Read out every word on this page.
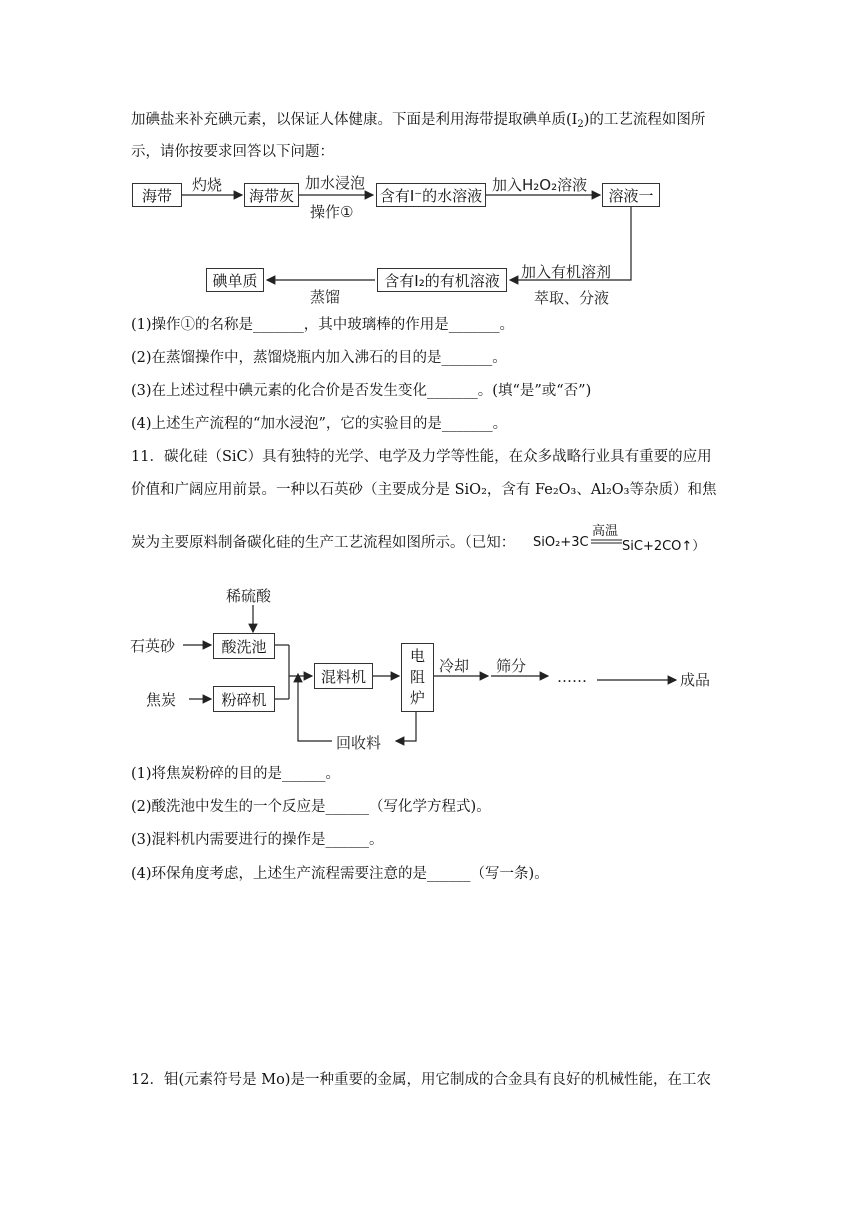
加碘盐来补充碘元素，以保证人体健康。下面是利用海带提取碘单质$(I_2)$的工艺流程如图所
示，请你按要求回答以下问题：
海带
灼烧
海带灰
加水浸泡
操作①
含有I⁻的水溶液
加入H₂O₂溶液
溶液一
加入有机溶剂
萃取、分液
含有I₂的有机溶液
蒸馏
碘单质
(1)操作①的名称是_______，其中玻璃棒的作用是_______。
(2)在蒸馏操作中，蒸馏烧瓶内加入沸石的目的是_______。
(3)在上述过程中碘元素的化合价是否发生变化_______。(填“是”或“否”)
(4)上述生产流程的“加水浸泡”，它的实验目的是_______。
11．碳化硅（SiC）具有独特的光学、电学及力学等性能，在众多战略行业具有重要的应用
价值和广阔应用前景。一种以石英砂（主要成分是 SiO₂，含有 Fe₂O₃、Al₂O₃等杂质）和焦
炭为主要原料制备碳化硅的生产工艺流程如图所示。（已知： SiO₂+3C
高温
SiC+2CO↑）
稀硫酸
石英砂
焦炭
酸洗池
粉碎机
混料机
电
阻
炉
冷却 筛分
……	成品
回收料
(1)将焦炭粉碎的目的是______。
(2)酸洗池中发生的一个反应是______（写化学方程式)。
(3)混料机内需要进行的操作是______。
(4)环保角度考虑，上述生产流程需要注意的是______（写一条)。
12．钼(元素符号是 Mo)是一种重要的金属，用它制成的合金具有良好的机械性能，在工农
